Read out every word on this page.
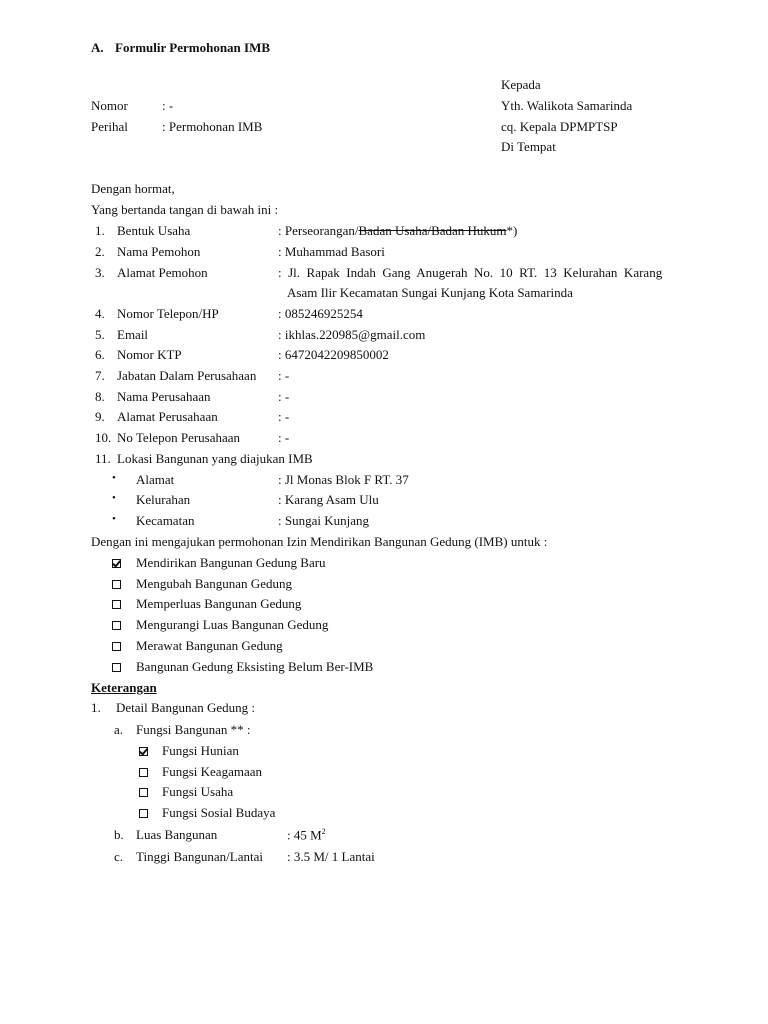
A. Formulir Permohonan IMB
Kepada
Yth. Walikota Samarinda
cq. Kepala DPMPTSP
Di Tempat
Nomor	: -
Perihal	: Permohonan IMB
Dengan hormat,
Yang bertanda tangan di bawah ini :
1. Bentuk Usaha	: Perseorangan/Badan Usaha/Badan Hukum*)
2. Nama Pemohon	: Muhammad Basori
3. Alamat Pemohon	:  Jl.  Rapak  Indah  Gang  Anugerah  No.  10  RT.  13  Kelurahan  Karang
Asam Ilir Kecamatan Sungai Kunjang Kota Samarinda
4. Nomor Telepon/HP	: 085246925254
5. Email	: ikhlas.220985@gmail.com
6. Nomor KTP	: 6472042209850002
7. Jabatan Dalam Perusahaan : -
8. Nama Perusahaan	: -
9. Alamat Perusahaan	: -
10. No Telepon Perusahaan	: -
11. Lokasi Bangunan yang diajukan IMB
• Alamat	: Jl Monas Blok F RT. 37
• Kelurahan	: Karang Asam Ulu
• Kecamatan	: Sungai Kunjang
Dengan ini mengajukan permohonan Izin Mendirikan Bangunan Gedung (IMB) untuk :
Mendirikan Bangunan Gedung Baru
Mengubah Bangunan Gedung
Memperluas Bangunan Gedung
Mengurangi Luas Bangunan Gedung
Merawat Bangunan Gedung
Bangunan Gedung Eksisting Belum Ber-IMB
Keterangan
1. Detail Bangunan Gedung :
a. Fungsi Bangunan ** :
Fungsi Hunian
Fungsi Keagamaan
Fungsi Usaha
Fungsi Sosial Budaya
b. Luas Bangunan	: 45 $M^2$
c. Tinggi Bangunan/Lantai : 3.5 M/ 1 Lantai
